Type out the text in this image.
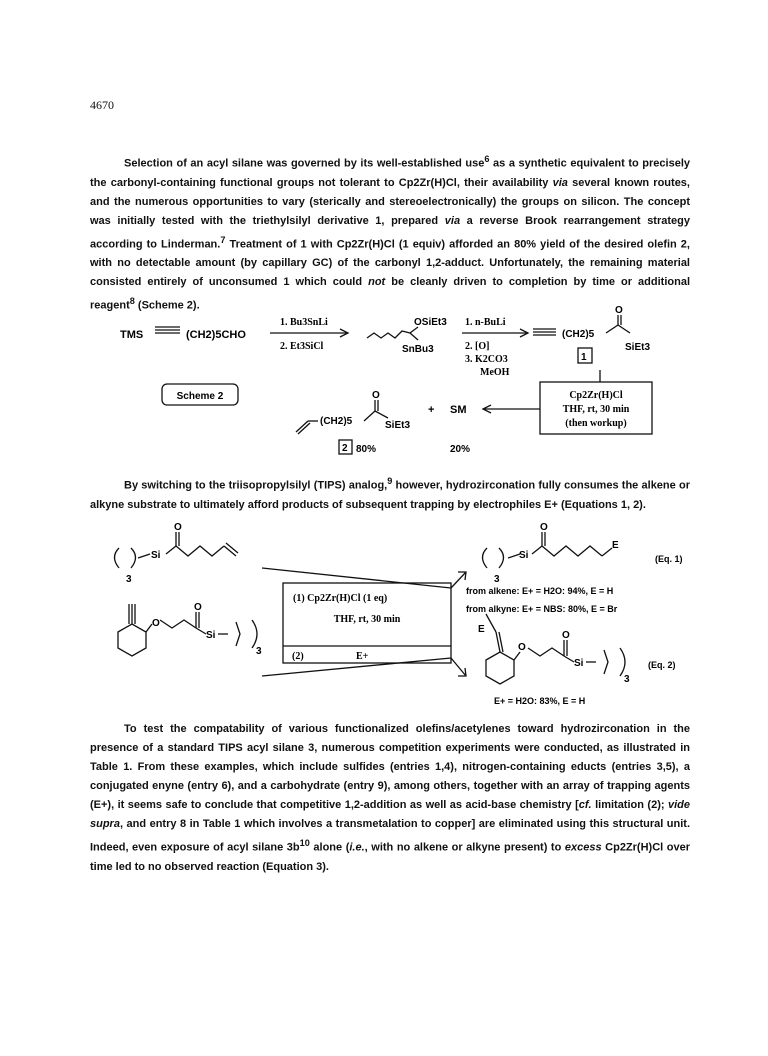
4670
Selection of an acyl silane was governed by its well-established use$^6$ as a synthetic equivalent to precisely the carbonyl-containing functional groups not tolerant to Cp2Zr(H)Cl, their availability via several known routes, and the numerous opportunities to vary (sterically and stereoelectronically) the groups on silicon. The concept was initially tested with the triethylsilyl derivative 1, prepared via a reverse Brook rearrangement strategy according to Linderman.$^7$ Treatment of 1 with Cp2Zr(H)Cl (1 equiv) afforded an 80% yield of the desired olefin 2, with no detectable amount (by capillary GC) of the carbonyl 1,2-adduct. Unfortunately, the remaining material consisted entirely of unconsumed 1 which could not be cleanly driven to completion by time or additional reagent$^8$ (Scheme 2).
TMS	(CH2)5CHO
1. Bu3SnLi
2. Et3SiCl
OSiEt3
SnBu3
1. n-BuLi
2. [O]
3. K2CO3
MeOH
(CH2)5
O
SiEt3
1
Cp2Zr(H)Cl
THF, rt, 30 min
(then workup)
Scheme 2
(CH2)5
O
SiEt3
+ SM
2 80%	20%
By switching to the triisopropylsilyl (TIPS) analog,$^9$ however, hydrozirconation fully consumes the alkene or alkyne substrate to ultimately afford products of subsequent trapping by electrophiles E+ (Equations 1, 2).
3
Si
O
O
O
Si
3
(1) Cp2Zr(H)Cl (1 eq)
THF, rt, 30 min
(2)	E+
3
Si
O
E
(Eq. 1)
from alkene: E+ = H2O: 94%, E = H
from alkyne: E+ = NBS: 80%, E = Br
E
O
O
Si
3
(Eq. 2)
E+ = H2O: 83%, E = H
To test the compatability of various functionalized olefins/acetylenes toward hydrozirconation in the presence of a standard TIPS acyl silane 3, numerous competition experiments were conducted, as illustrated in Table 1. From these examples, which include sulfides (entries 1,4), nitrogen-containing educts (entries 3,5), a conjugated enyne (entry 6), and a carbohydrate (entry 9), among others, together with an array of trapping agents (E+), it seems safe to conclude that competitive 1,2-addition as well as acid-base chemistry [cf. limitation (2); vide supra, and entry 8 in Table 1 which involves a transmetalation to copper] are eliminated using this structural unit. Indeed, even exposure of acyl silane $3b^{10}$ alone (i.e., with no alkene or alkyne present) to excess Cp2Zr(H)Cl over time led to no observed reaction (Equation 3).
